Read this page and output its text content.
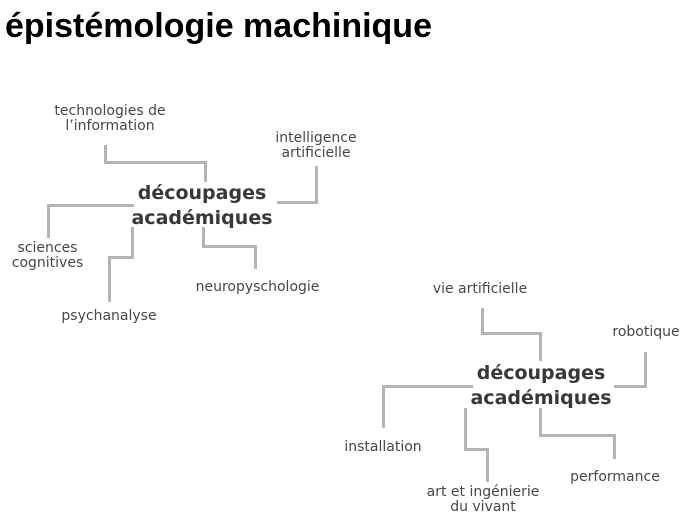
épistémologie machinique
technologies de
l’information
intelligence
artificielle
découpages
académiques
sciences
cognitives
psychanalyse
neuropyschologie	vie artificielle
robotique
découpages
académiques
installation
art et ingénierie
du vivant
performance
